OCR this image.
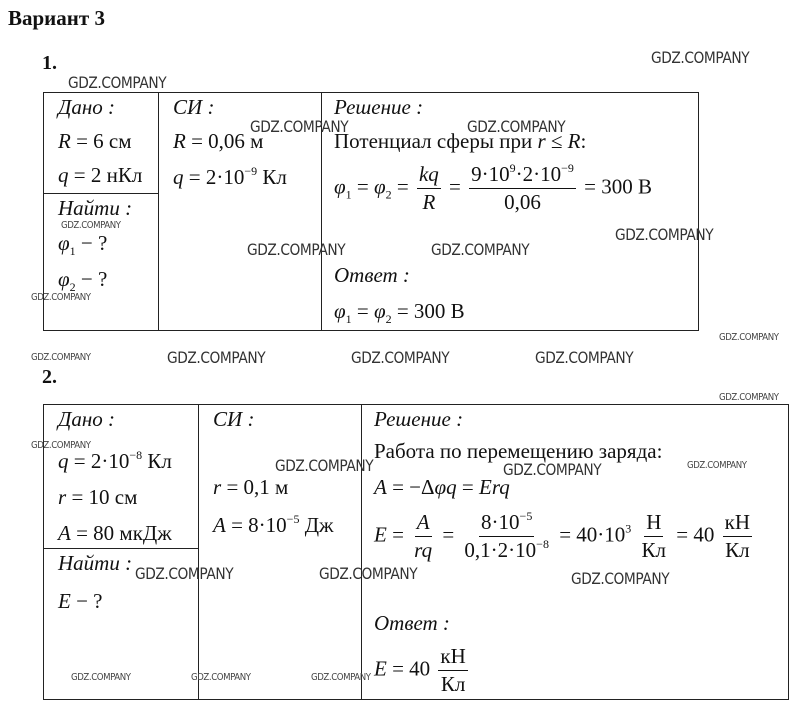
Вариант 3
1.
Дано :
R = 6 см
q = 2 нКл
Найти :
$\varphi_1$ − ?
$\varphi_2$ − ?

СИ :
R = 0,06 м
$q = 2\cdot 10^{-9}$ Кл

Решение :
Потенциал сферы при r ≤ R:
$\varphi_1 = \varphi_2 = \frac{kq}{R} = \frac{9\cdot 10^9\cdot 2\cdot 10^{-9}}{0,06} = 300$ В
Ответ :
$\varphi_1 = \varphi_2 = 300$ В
2.
Дано :
$q = 2\cdot 10^{-8}$ Кл
r = 10 см
A = 80 мкДж
Найти :
E − ?

СИ :
r = 0,1 м
$A = 8\cdot 10^{-5}$ Дж

Решение :
Работа по перемещению заряда:
A = −Δφq = Erq
$E = \frac{A}{rq} = \frac{8\cdot 10^{-5}}{0,1\cdot 2\cdot 10^{-8}} = 40\cdot 10^3 \frac{Н}{Кл} = 40 \frac{кН}{Кл}$
Ответ :
$E = 40 \frac{кН}{Кл}$
GDZ.COMPANY
GDZ.COMPANY
GDZ.COMPANY	GDZ.COMPANY
GDZ.COMPANY	GDZ.COMPANY
GDZ.COMPANY	GDZ.COMPANY
GDZ.COMPANY
GDZ.COMPANY
GDZ.COMPANY	GDZ.COMPANY	GDZ.COMPANY	GDZ.COMPANY
GDZ.COMPANY
GDZ.COMPANY
GDZ.COMPANY	GDZ.COMPANY	GDZ.COMPANY
GDZ.COMPANY	GDZ.COMPANY	GDZ.COMPANY
GDZ.COMPANY	GDZ.COMPANY	GDZ.COMPANY
